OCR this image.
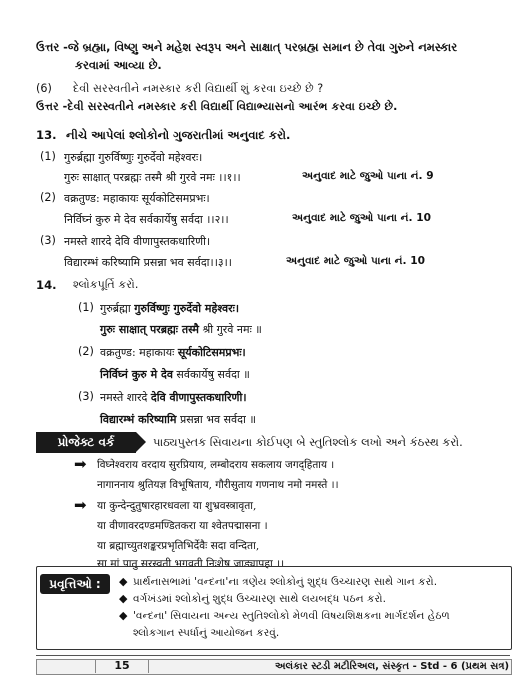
ઉત્તર -જે બ્રહ્મા, વિષ્ણુ અને મહેશ સ્વરૂપ અને સાક્ષાત્ પરબ્રહ્મ સમાન છે તેવા ગુરુને નમસ્કાર
કરવામાં આવ્યા છે.
(6) દેવી સરસ્વતીને નમસ્કાર કરી વિદ્યાર્થી શું કરવા ઇચ્છે છે ?
ઉત્તર -દેવી સરસ્વતીને નમસ્કાર કરી વિદ્યાર્થી વિદ્યાભ્યાસનો આરંભ કરવા ઇચ્છે છે.
13. નીચે આપેલાં શ્લોકોનો ગુજરાતીમાં અનુવાદ કરો.
(1) गुरुर्ब्रह्मा गुरुर्विष्णुः गुरुर्देवो महेश्वरः।
गुरुः साक्षात् परब्रह्मः तस्मै श्री गुरवे नमः ।।१।।	અનુવાદ માટે જુઓ પાના નં. 9
(2) वक्रतुण्ड: महाकायः सूर्यकोटिसमप्रभः।
निर्विघ्नं कुरु मे देव सर्वकार्येषु सर्वदा ।।२।।	અનુવાદ માટે જુઓ પાના નં. 10
(3) नमस्ते शारदे देवि वीणापुस्तकधारिणी।
विद्यारम्भं करिष्यामि प्रसन्ना भव सर्वदा।।३।।	અનુવાદ માટે જુઓ પાના નં. 10
14. શ્લોકપૂર્તિ કરો.
(1) गुरुर्ब्रह्मा गुरुर्विष्णुः गुरुर्देवो महेश्वरः।
गुरुः साक्षात् परब्रह्मः तस्मै श्री गुरवे नमः ॥
(2) वक्रतुण्ड: महाकायः सूर्यकोटिसमप्रभः।
निर्विघ्नं कुरु मे देव सर्वकार्येषु सर्वदा ॥
(3) नमस्ते शारदे देवि वीणापुस्तकधारिणी।
विद्यारम्भं करिष्यामि प्रसन्ना भव सर्वदा ॥
પ્રોજેક્ટ વર્ક	પાઠ્યપુસ્તક સિવાયના કોઈપણ બે સ્તુતિશ્લોક લખો અને કંઠસ્થ કરો.
➡ विघ्नेश्वराय वरदाय सुरप्रियाय, लम्बोदराय सकलाय जगद्हिताय ।
नागाननाय श्रुतियज्ञ विभूषिताय, गौरीसुताय गणनाथ नमो नमस्ते ।।
➡ या कुन्देन्दुतुषारहारधवला या शुभ्रवस्त्रावृता,
या वीणावरदण्डमण्डितकरा या श्वेतपद्मासना ।
या ब्रह्माच्युतशङ्करप्रभृतिभिर्देवैः सदा वन्दिता,
सा मां पातु सरस्वती भगवती निःशेष जाड्यापहा ।।
પ્રવૃત્તિઓ :	◆ પ્રાર્થનાસભામાં 'વન્દના'ના ત્રણેય શ્લોકોનું શુદ્ધ ઉચ્ચારણ સાથે ગાન કરો.
◆ વર્ગખંડમાં શ્લોકોનું શુદ્ધ ઉચ્ચારણ સાથે લયબદ્ધ પઠન કરો.
◆ 'વન્દના' સિવાયના અન્ય સ્તુતિશ્લોકો મેળવી વિષયશિક્ષકના માર્ગદર્શન હેઠળ
શ્લોકગાન સ્પર્ધાનું આયોજન કરવું.
15	અલંકાર સ્ટડી મટીરિઅલ, સંસ્કૃત - Std - 6 (પ્રથમ સત્ર)
